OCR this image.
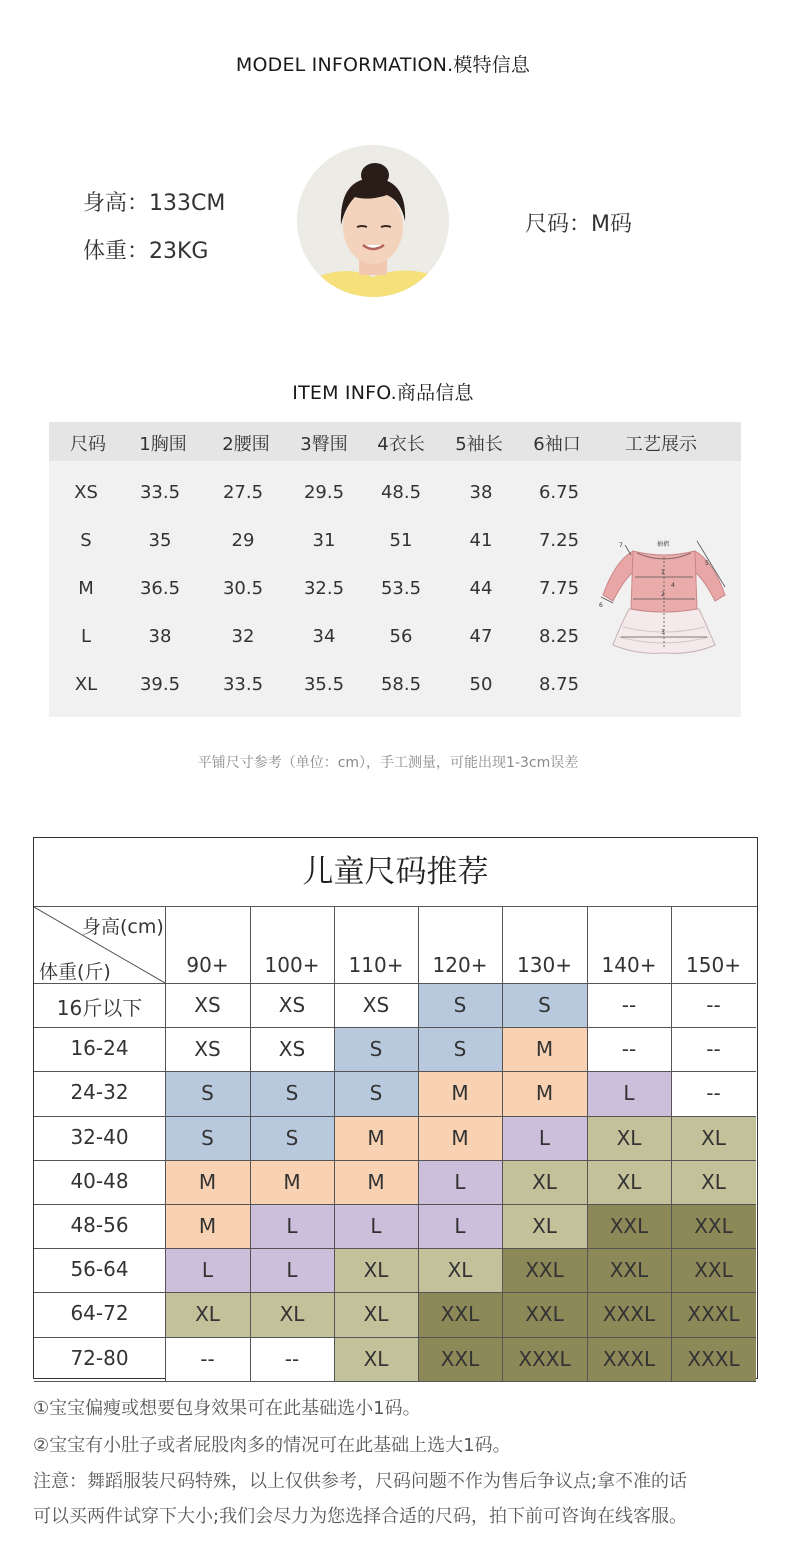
MODEL INFORMATION.模特信息
身高：133CM
体重：23KG
尺码：M码
ITEM INFO.商品信息
尺码 1胸围 2腰围 3臀围 4衣长 5袖长 6袖口 工艺展示
XS 33.5 27.5 29.5 48.5	38	6.75
S	35	29	31	51	41	7.25
M	36.5 30.5 32.5 53.5	44	7.75
L	38	32	34	56	47	8.25
XL 39.5 33.5 35.5 58.5	50	8.75
1
2
3
5
6
7
4
抽褶
平铺尺寸参考（单位：cm），手工测量，可能出现1-3cm误差
儿童尺码推荐
90+	100+	110+	120+	130+	140+	150+
16斤以下	XS	XS	XS	S	S	--	--
16-24	XS	XS	S	S	M	--	--
24-32	S	S	S	M	M	L	--
32-40	S	S	M	M	L	XL	XL
40-48	M	M	M	L	XL	XL	XL
48-56	M	L	L	L	XL	XXL	XXL
56-64	L	L	XL	XL	XXL	XXL	XXL
64-72	XL	XL	XL	XXL	XXL	XXXL	XXXL
72-80	--	--	XL	XXL	XXXL	XXXL	XXXL
身高(cm)
体重(斤)
①宝宝偏瘦或想要包身效果可在此基础选小1码。
②宝宝有小肚子或者屁股肉多的情况可在此基础上选大1码。
注意：舞蹈服装尺码特殊，以上仅供参考，尺码问题不作为售后争议点;拿不准的话
可以买两件试穿下大小;我们会尽力为您选择合适的尺码，拍下前可咨询在线客服。
